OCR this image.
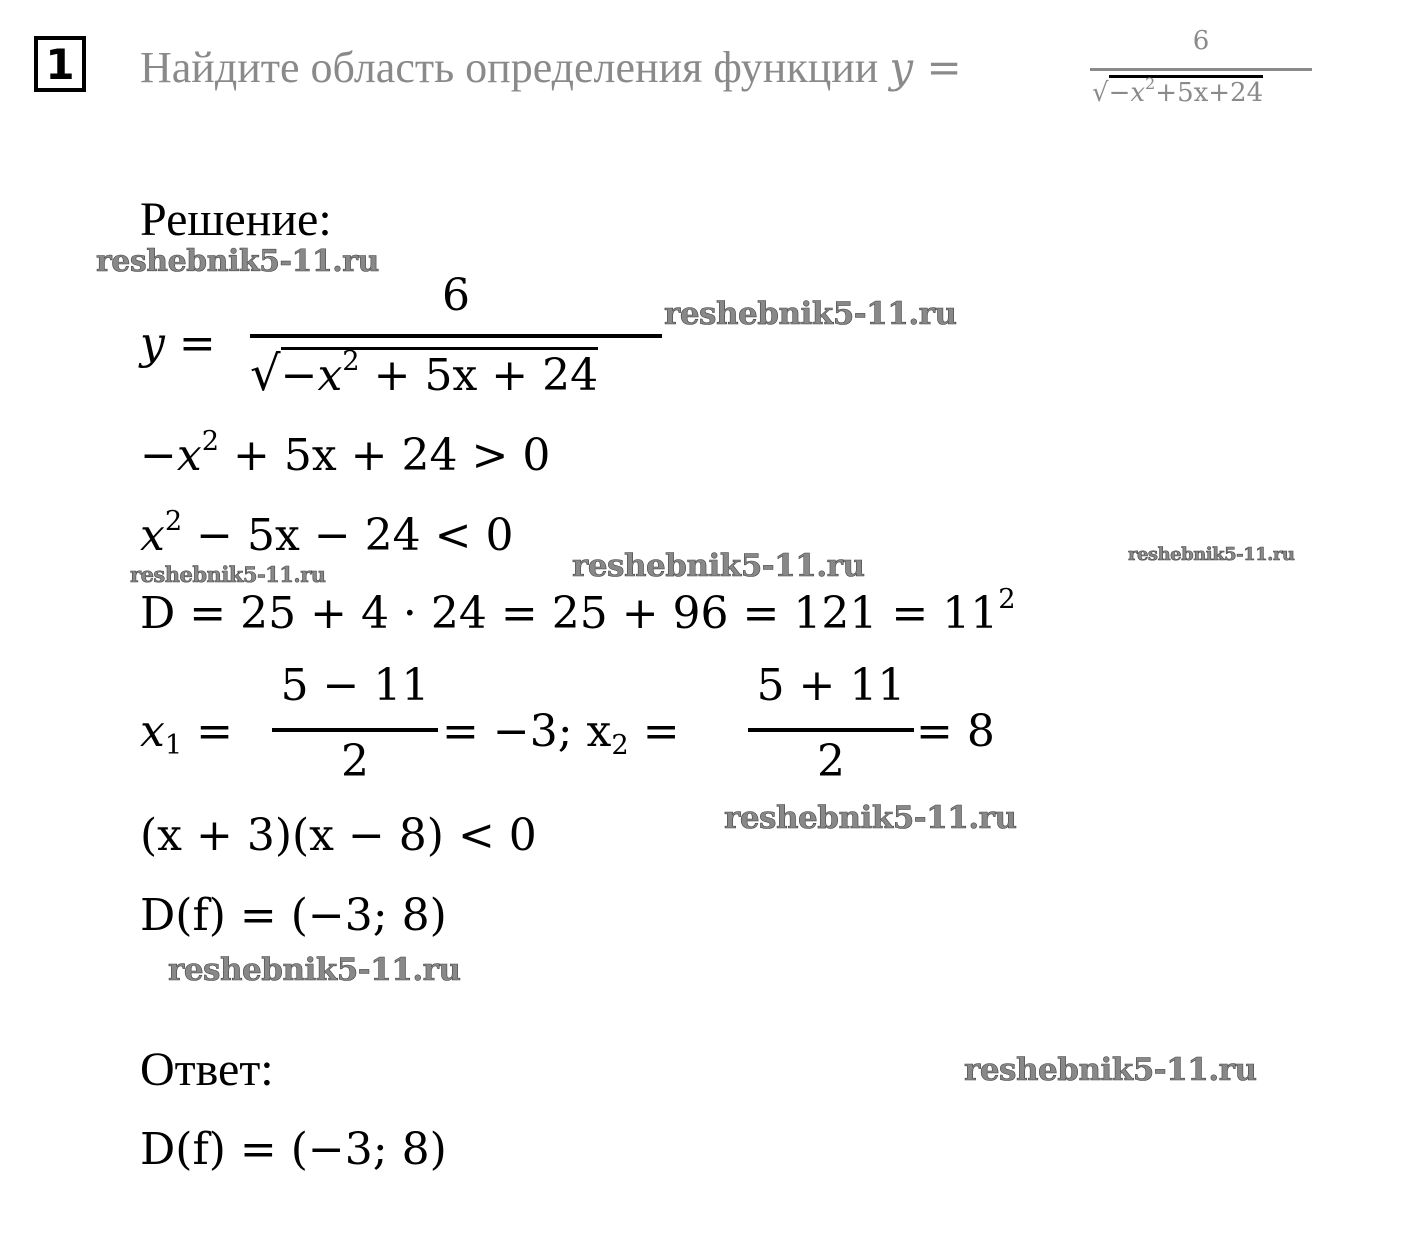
1 Найдите область определения функции y =
6
$√-x^2+5x+24$
Решение:
y =
6
$√-x^2 + 5x + 24$
$-x^2 + 5x + 24 > 0$
$x^2 - 5x - 24 < 0$
$D = 25 + 4 \cdot 24 = 25 + 96 = 121 = 11^2$
$x_1$ =
5 − 11
2
= −3; $x_2$ =
5 + 11
2
= 8
(x + 3)(x − 8) < 0
D(f) = (−3; 8)
Ответ:
D(f) = (−3; 8)
reshebnik5-11.ru
reshebnik5-11.ru
reshebnik5-11.ru	reshebnik5-11.ru	reshebnik5-11.ru
reshebnik5-11.ru
reshebnik5-11.ru
reshebnik5-11.ru
